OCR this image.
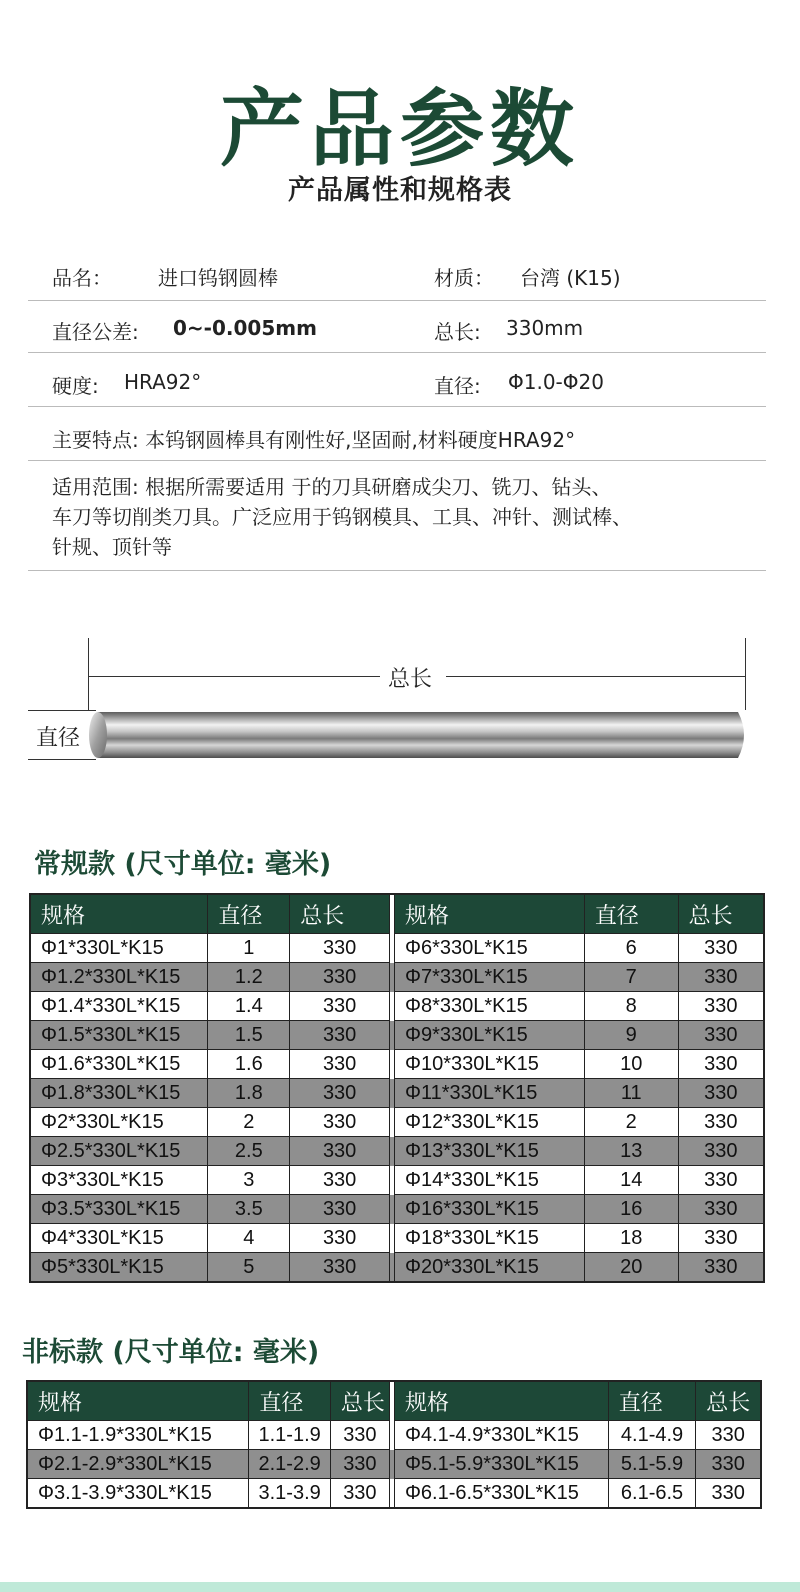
产品参数
产品属性和规格表
品名： 进口钨钢圆棒	材质： 台湾 (K15)
直径公差: 0~-0.005mm	总长: 330mm
硬度: HRA92°	直径: Φ1.0-Φ20
主要特点: 本钨钢圆棒具有刚性好,坚固耐,材料硬度HRA92°
适用范围: 根据所需要适用 于的刀具研磨成尖刀、铣刀、钻头、
车刀等切削类刀具。广泛应用于钨钢模具、工具、冲针、测试棒、
针规、顶针等
总长
直径
常规款 (尺寸单位: 毫米)
规格	直径	总长		规格	直径	总长
Φ1*330L*K15	1	330		Φ6*330L*K15	6	330
Φ1.2*330L*K15	1.2	330		Φ7*330L*K15	7	330
Φ1.4*330L*K15	1.4	330		Φ8*330L*K15	8	330
Φ1.5*330L*K15	1.5	330		Φ9*330L*K15	9	330
Φ1.6*330L*K15	1.6	330		Φ10*330L*K15	10	330
Φ1.8*330L*K15	1.8	330		Φ11*330L*K15	11	330
Φ2*330L*K15	2	330		Φ12*330L*K15	2	330
Φ2.5*330L*K15	2.5	330		Φ13*330L*K15	13	330
Φ3*330L*K15	3	330		Φ14*330L*K15	14	330
Φ3.5*330L*K15	3.5	330		Φ16*330L*K15	16	330
Φ4*330L*K15	4	330		Φ18*330L*K15	18	330
Φ5*330L*K15	5	330		Φ20*330L*K15	20	330
非标款 (尺寸单位: 毫米)
规格	直径	总长		规格	直径	总长
Φ1.1-1.9*330L*K15	1.1-1.9	330		Φ4.1-4.9*330L*K15	4.1-4.9	330
Φ2.1-2.9*330L*K15	2.1-2.9	330		Φ5.1-5.9*330L*K15	5.1-5.9	330
Φ3.1-3.9*330L*K15	3.1-3.9	330		Φ6.1-6.5*330L*K15	6.1-6.5	330
